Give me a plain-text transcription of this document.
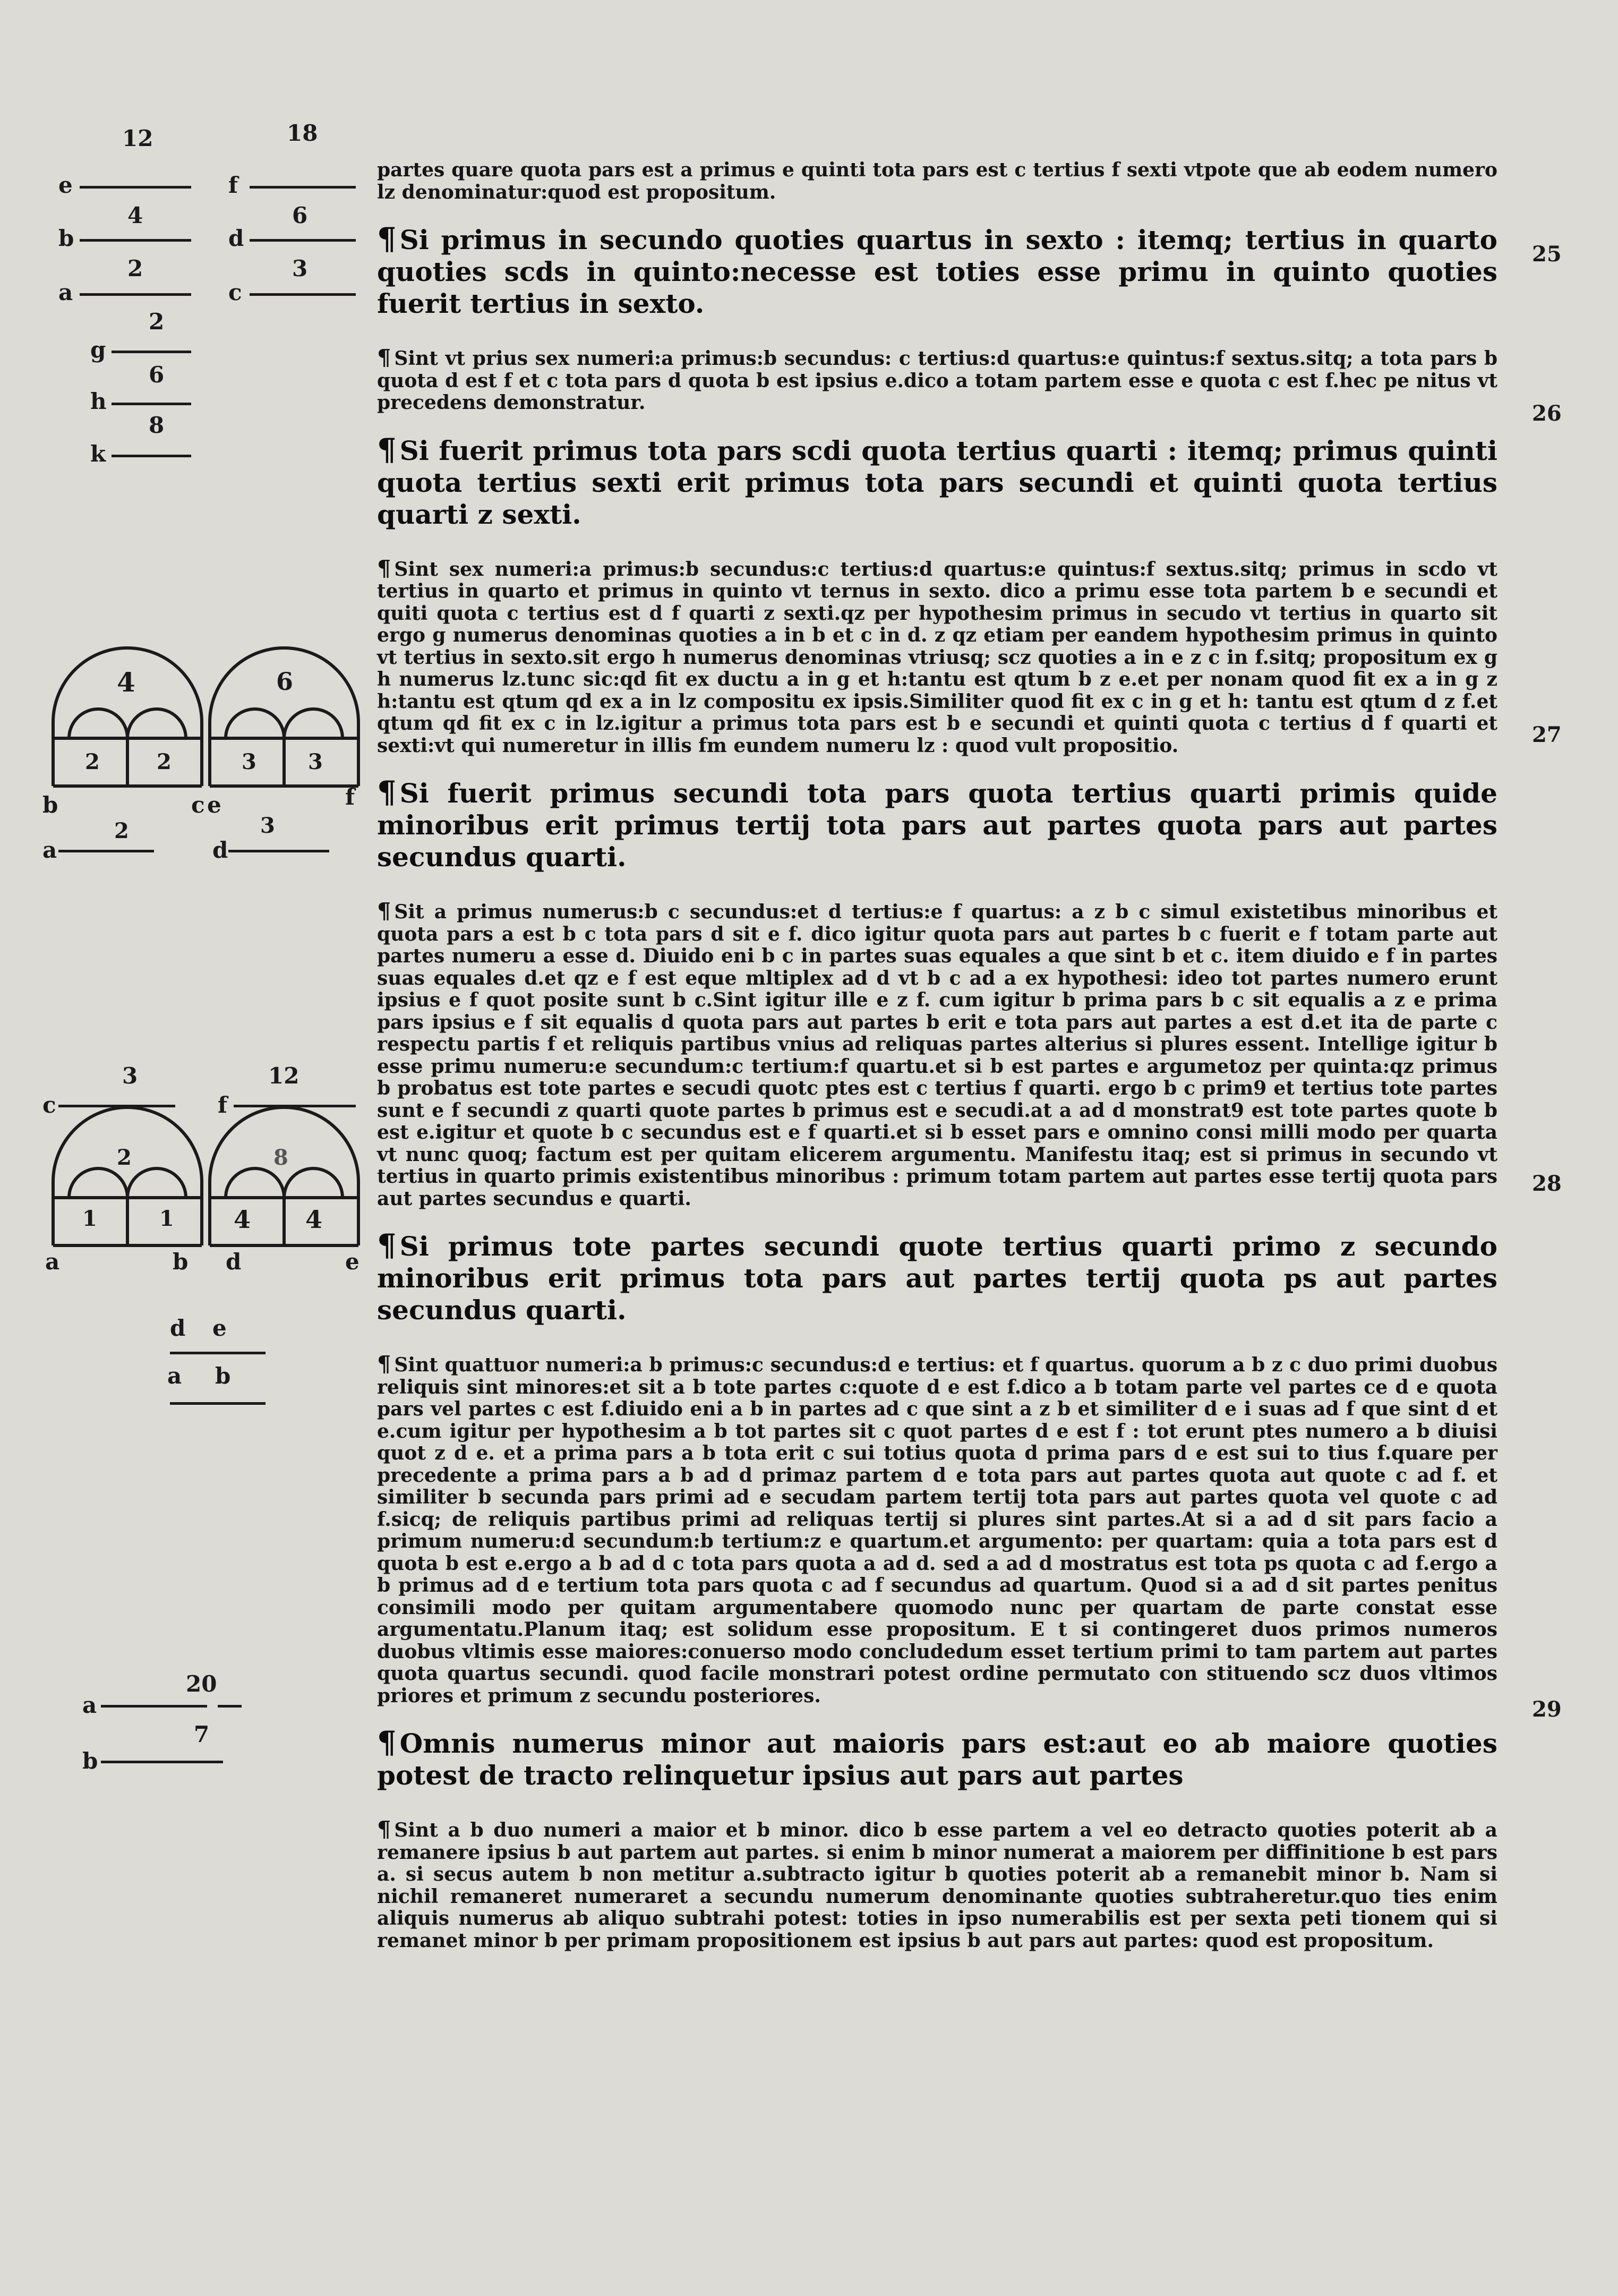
12
e
4
b
2
a
2
g
6
h
8
k
18
f
6
d
3
c
4
2	2
6
3 3
b	c e	f
2
a
3
d
3
c
12
f
2
1	1
8
4 4
a	b d	e
d e
a b
20
a
7
b
25
26
27
28
29

partes quare quota pars est a primus e quinti tota pars est c tertius f sexti vtpote que ab eodem numero lz denominatur:quod est propositum.

¶ Si primus in secundo quoties quartus in sexto : itemq; tertius in quarto quoties scds in quinto:necesse est toties esse primu in quinto quoties fuerit tertius in sexto.

¶ Sint vt prius sex numeri:a primus:b secundus: c tertius:d quartus:e quintus:f sextus.sitq; a tota pars b quota d est f et c tota pars d quota b est ipsius e.dico a totam partem esse e quota c est f.hec pe nitus vt precedens demonstratur.

¶ Si fuerit primus tota pars scdi quota tertius quarti : itemq; primus quinti quota tertius sexti erit primus tota pars secundi et quinti quota tertius quarti z sexti.

¶ Sint sex numeri:a primus:b secundus:c tertius:d quartus:e quintus:f sextus.sitq; primus in scdo vt tertius in quarto et primus in quinto vt ternus in sexto. dico a primu esse tota partem b e secundi et quiti quota c tertius est d f quarti z sexti.qz per hypothesim primus in secudo vt tertius in quarto sit ergo g numerus denominas quoties a in b et c in d. z qz etiam per eandem hypothesim primus in quinto vt tertius in sexto.sit ergo h numerus denominas vtriusq; scz quoties a in e z c in f.sitq; propositum ex g h numerus lz.tunc sic:qd fit ex ductu a in g et h:tantu est qtum b z e.et per nonam quod fit ex a in g z h:tantu est qtum qd ex a in lz compositu ex ipsis.Similiter quod fit ex c in g et h: tantu est qtum d z f.et qtum qd fit ex c in lz.igitur a primus tota pars est b e secundi et quinti quota c tertius d f quarti et sexti:vt qui numeretur in illis fm eundem numeru lz : quod vult propositio.

¶ Si fuerit primus secundi tota pars quota tertius quarti primis quide minoribus erit primus tertij tota pars aut partes quota pars aut partes secundus quarti.

¶ Sit a primus numerus:b c secundus:et d tertius:e f quartus: a z b c simul existetibus minoribus et quota pars a est b c tota pars d sit e f. dico igitur quota pars aut partes b c fuerit e f totam parte aut partes numeru a esse d. Diuido eni b c in partes suas equales a que sint b et c. item diuido e f in partes suas equales d.et qz e f est eque mltiplex ad d vt b c ad a ex hypothesi: ideo tot partes numero erunt ipsius e f quot posite sunt b c.Sint igitur ille e z f. cum igitur b prima pars b c sit equalis a z e prima pars ipsius e f sit equalis d quota pars aut partes b erit e tota pars aut partes a est d.et ita de parte c respectu partis f et reliquis partibus vnius ad reliquas partes alterius si plures essent. Intellige igitur b esse primu numeru:e secundum:c tertium:f quartu.et si b est partes e argumetoz per quinta:qz primus b probatus est tote partes e secudi quotc ptes est c tertius f quarti. ergo b c prim9 et tertius tote partes sunt e f secundi z quarti quote partes b primus est e secudi.at a ad d monstrat9 est tote partes quote b est e.igitur et quote b c secundus est e f quarti.et si b esset pars e omnino consi milli modo per quarta vt nunc quoq; factum est per quitam elicerem argumentu. Manifestu itaq; est si primus in secundo vt tertius in quarto primis existentibus minoribus : primum totam partem aut partes esse tertij quota pars aut partes secundus e quarti.

¶ Si primus tote partes secundi quote tertius quarti primo z secundo minoribus erit primus tota pars aut partes tertij quota ps aut partes secundus quarti.

¶ Sint quattuor numeri:a b primus:c secundus:d e tertius: et f quartus. quorum a b z c duo primi duobus reliquis sint minores:et sit a b tote partes c:quote d e est f.dico a b totam parte vel partes ce d e quota pars vel partes c est f.diuido eni a b in partes ad c que sint a z b et similiter d e i suas ad f que sint d et e.cum igitur per hypothesim a b tot partes sit c quot partes d e est f : tot erunt ptes numero a b diuisi quot z d e. et a prima pars a b tota erit c sui totius quota d prima pars d e est sui to tius f.quare per precedente a prima pars a b ad d primaz partem d e tota pars aut partes quota aut quote c ad f. et similiter b secunda pars primi ad e secudam partem tertij tota pars aut partes quota vel quote c ad f.sicq; de reliquis partibus primi ad reliquas tertij si plures sint partes.At si a ad d sit pars facio a primum numeru:d secundum:b tertium:z e quartum.et argumento: per quartam: quia a tota pars est d quota b est e.ergo a b ad d c tota pars quota a ad d. sed a ad d mostratus est tota ps quota c ad f.ergo a b primus ad d e tertium tota pars quota c ad f secundus ad quartum. Quod si a ad d sit partes penitus consimili modo per quitam argumentabere quomodo nunc per quartam de parte constat esse argumentatu.Planum itaq; est solidum esse propositum. E t si contingeret duos primos numeros duobus vltimis esse maiores:conuerso modo concludedum esset tertium primi to tam partem aut partes quota quartus secundi. quod facile monstrari potest ordine permutato con stituendo scz duos vltimos priores et primum z secundu posteriores.

¶ Omnis numerus minor aut maioris pars est:aut eo ab maiore quoties potest de tracto relinquetur ipsius aut pars aut partes

¶ Sint a b duo numeri a maior et b minor. dico b esse partem a vel eo detracto quoties poterit ab a remanere ipsius b aut partem aut partes. si enim b minor numerat a maiorem per diffinitione b est pars a. si secus autem b non metitur a.subtracto igitur b quoties poterit ab a remanebit minor b. Nam si nichil remaneret numeraret a secundu numerum denominante quoties subtraheretur.quo ties enim aliquis numerus ab aliquo subtrahi potest: toties in ipso numerabilis est per sexta peti tionem qui si remanet minor b per primam propositionem est ipsius b aut pars aut partes: quod est propositum.
